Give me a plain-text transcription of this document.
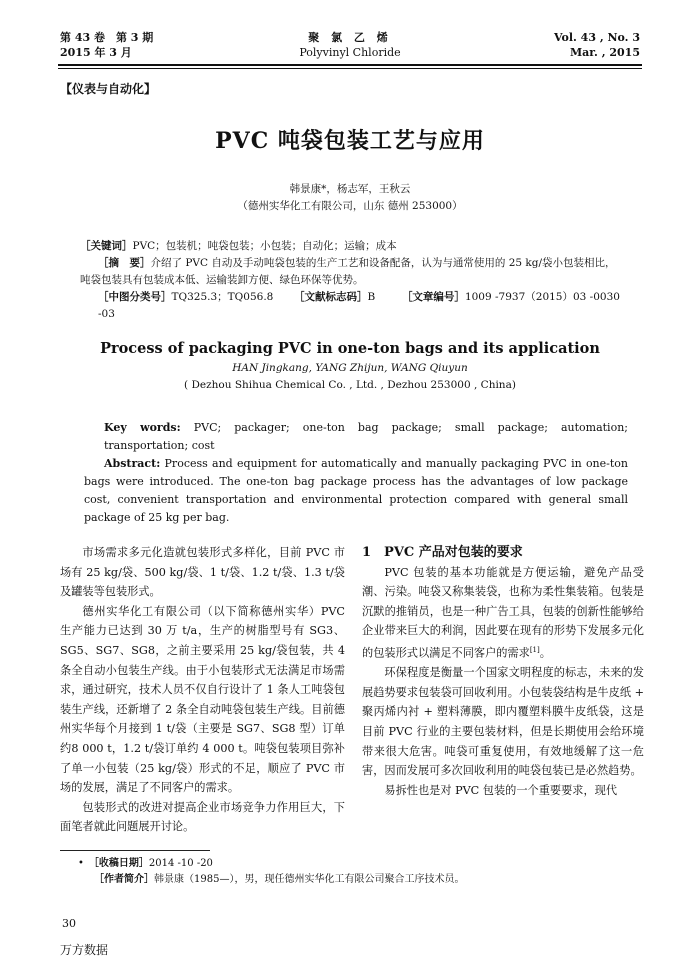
第 43 卷　第 3 期
2015 年 3 月
聚 氯 乙 烯
Polyvinyl Chloride
Vol. 43 , No. 3
Mar. , 2015
【仪表与自动化】
PVC 吨袋包装工艺与应用
韩景康*，杨志军，王秋云
（德州实华化工有限公司，山东 德州 253000）
［关键词］PVC；包装机；吨袋包装；小包装；自动化；运输；成本
［摘　要］介绍了 PVC 自动及手动吨袋包装的生产工艺和设备配备，认为与通常使用的 25 kg/袋小包装相比，
吨袋包装具有包装成本低、运输装卸方便、绿色环保等优势。
［中图分类号］TQ325.3；TQ056.8 ［文献标志码］B	［文章编号］1009 -7937（2015）03 -0030 -03
Process of packaging PVC in one-ton bags and its application
HAN Jingkang, YANG Zhijun, WANG Qiuyun
( Dezhou Shihua Chemical Co. , Ltd. , Dezhou 253000 , China)
Key words: PVC; packager; one-ton bag package; small package; automation; transportation; cost
Abstract: Process and equipment for automatically and manually packaging PVC in one-ton bags were introduced. The one-ton bag package process has the advantages of low package cost, convenient transportation and environmental protection compared with general small package of 25 kg per bag.

市场需求多元化造就包装形式多样化，目前 PVC 市场有 25 kg/袋、500 kg/袋、1 t/袋、1.2 t/袋、1.3 t/袋及罐装等包装形式。

德州实华化工有限公司（以下简称德州实华）PVC 生产能力已达到 30 万 t/a，生产的树脂型号有 SG3、SG5、SG7、SG8，之前主要采用 25 kg/袋包装，共 4 条全自动小包装生产线。由于小包装形式无法满足市场需求，通过研究，技术人员不仅自行设计了 1 条人工吨袋包装生产线，还新增了 2 条全自动吨袋包装生产线。目前德州实华每个月接到 1 t/袋（主要是 SG7、SG8 型）订单约8 000 t，1.2 t/袋订单约 4 000 t。吨袋包装项目弥补了单一小包装（25 kg/袋）形式的不足，顺应了 PVC 市场的发展，满足了不同客户的需求。

包装形式的改进对提高企业市场竞争力作用巨大，下面笔者就此问题展开讨论。

1　PVC 产品对包装的要求

PVC 包装的基本功能就是方便运输，避免产品受潮、污染。吨袋又称集装袋，也称为柔性集装箱。包装是沉默的推销员，也是一种广告工具，包装的创新性能够给企业带来巨大的利润，因此要在现有的形势下发展多元化的包装形式以满足不同客户的需求[1]。

环保程度是衡量一个国家文明程度的标志，未来的发展趋势要求包装袋可回收利用。小包装袋结构是牛皮纸 + 聚丙烯内衬 + 塑料薄膜，即内覆塑料膜牛皮纸袋，这是目前 PVC 行业的主要包装材料，但是长期使用会给环境带来很大危害。吨袋可重复使用，有效地缓解了这一危害，因而发展可多次回收利用的吨袋包装已是必然趋势。

易拆性也是对 PVC 包装的一个重要要求，现代

•　［收稿日期］2014 -10 -20
［作者简介］韩景康（1985—），男，现任德州实华化工有限公司聚合工序技术员。
30
万方数据
